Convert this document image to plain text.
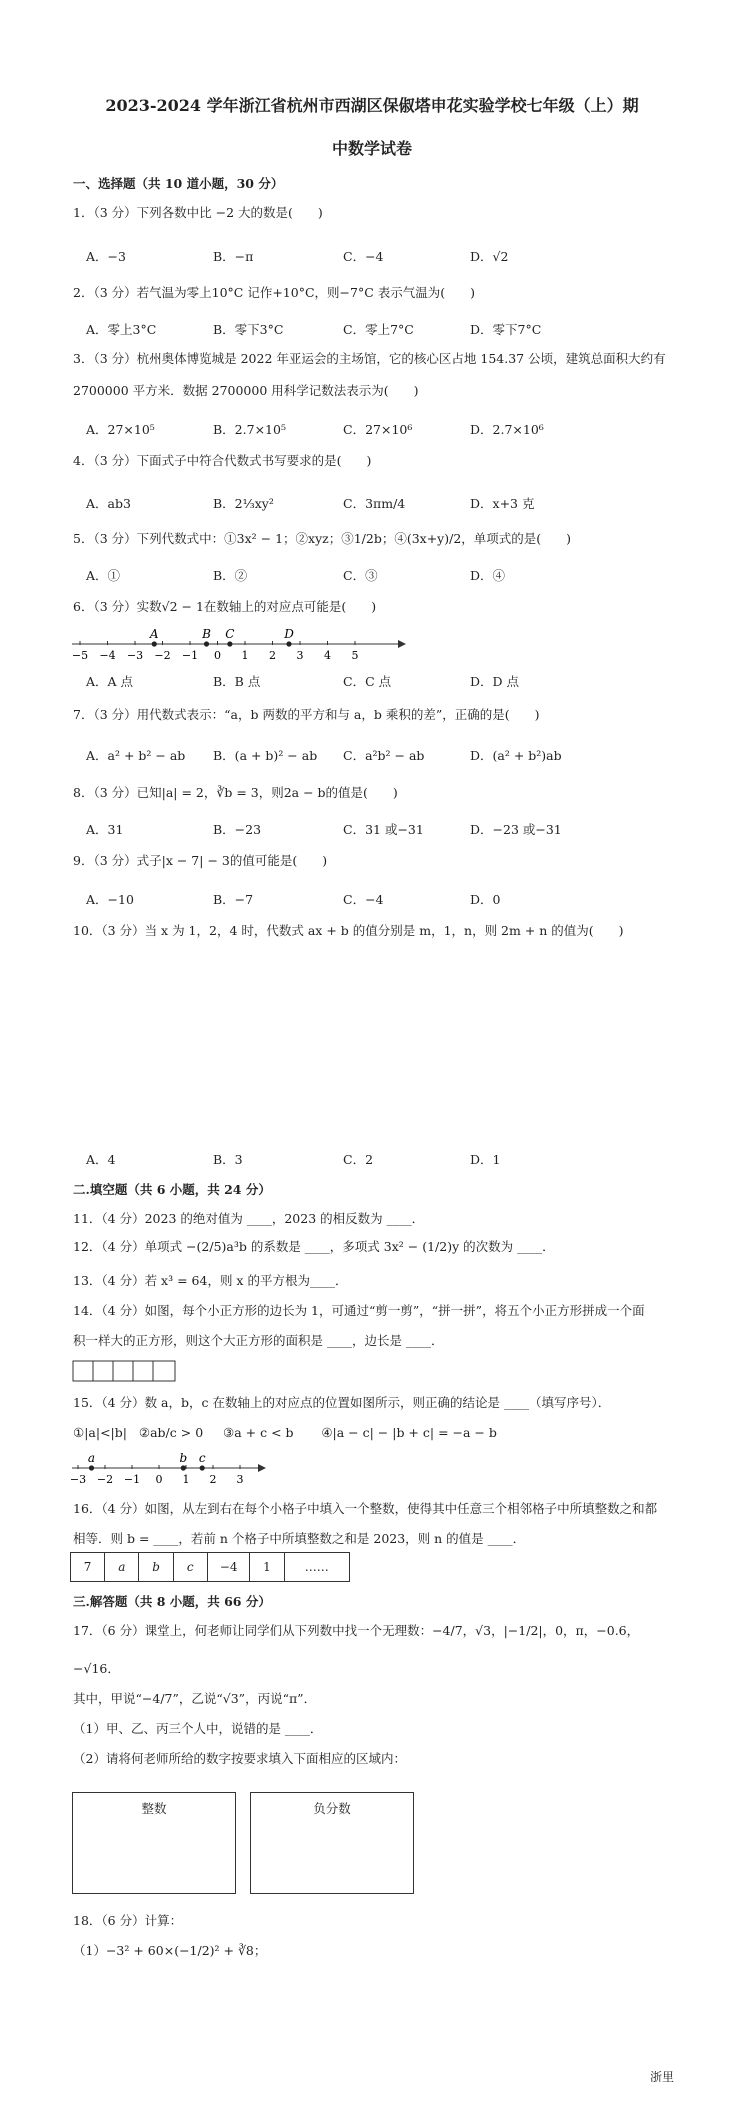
2023-2024 学年浙江省杭州市西湖区保俶塔申花实验学校七年级（上）期
中数学试卷
一、选择题（共 10 道小题，30 分）
1．（3 分）下列各数中比 −2 大的数是(　　)
A．−3	B．−π	C．−4	D．√2
2．（3 分）若气温为零上10°C 记作+10°C，则−7°C 表示气温为(　　)
A．零上3°C	B．零下3°C	C．零上7°C	D．零下7°C
3．（3 分）杭州奥体博览城是 2022 年亚运会的主场馆，它的核心区占地 154.37 公顷，建筑总面积大约有
2700000 平方米．数据 2700000 用科学记数法表示为(　　)
A．27×10⁵	B．2.7×10⁵	C．27×10⁶	D．2.7×10⁶
4．（3 分）下面式子中符合代数式书写要求的是(　　)
A．ab3	B．2⅓xy²	C．3πm/4	D．x+3 克
5．（3 分）下列代数式中：①3x² − 1；②xyz；③1/2b；④(3x+y)/2，单项式的是(　　)
A．①	B．②	C．③	D．④
6．（3 分）实数√2 − 1在数轴上的对应点可能是(　　)
−5 −4 −3 −2 −1 0 1 2 3 4 5
A	B C	D
A．A 点	B．B 点	C．C 点	D．D 点
7．（3 分）用代数式表示：“a，b 两数的平方和与 a，b 乘积的差”，正确的是(　　)
A．a² + b² − ab B．(a + b)² − ab C．a²b² − ab	D．(a² + b²)ab
8．（3 分）已知|a| = 2，∛b = 3，则2a − b的值是(　　)
A．31	B．−23	C．31 或−31	D．−23 或−31
9．（3 分）式子|x − 7| − 3的值可能是(　　)
A．−10	B．−7	C．−4	D．0
10．（3 分）当 x 为 1，2，4 时，代数式 ax + b 的值分别是 m，1，n，则 2m + n 的值为(　　)
A．4	B．3	C．2	D．1
二.填空题（共 6 小题，共 24 分）
11．（4 分）2023 的绝对值为 ____，2023 的相反数为 ____．
12．（4 分）单项式 −(2/5)a³b 的系数是 ____，多项式 3x² − (1/2)y 的次数为 ____．
13．（4 分）若 x³ = 64，则 x 的平方根为____．
14．（4 分）如图，每个小正方形的边长为 1，可通过“剪一剪”，“拼一拼”，将五个小正方形拼成一个面
积一样大的正方形，则这个大正方形的面积是 ____，边长是 ____．
15．（4 分）数 a，b，c 在数轴上的对应点的位置如图所示，则正确的结论是 ____（填写序号）．
①|a|<|b|   ②ab/c > 0     ③a + c < b       ④|a − c| − |b + c| = −a − b
−3 −2 −1 0 1 2 3
a	b c
16．（4 分）如图，从左到右在每个小格子中填入一个整数，使得其中任意三个相邻格子中所填整数之和都
相等．则 b = ____，若前 n 个格子中所填整数之和是 2023，则 n 的值是 ____．
7	a	b	c	−4	1	……
三.解答题（共 8 小题，共 66 分）
17．（6 分）课堂上，何老师让同学们从下列数中找一个无理数：−4/7，√3，|−1/2|，0，π，−0.6，
−√16．
其中，甲说“−4/7”，乙说“√3”，丙说“π”．
（1）甲、乙、丙三个人中，说错的是 ____．
（2）请将何老师所给的数字按要求填入下面相应的区域内：
整数	负分数
18．（6 分）计算：
（1）−3² + 60×(−1/2)² + ∛8；
浙里
